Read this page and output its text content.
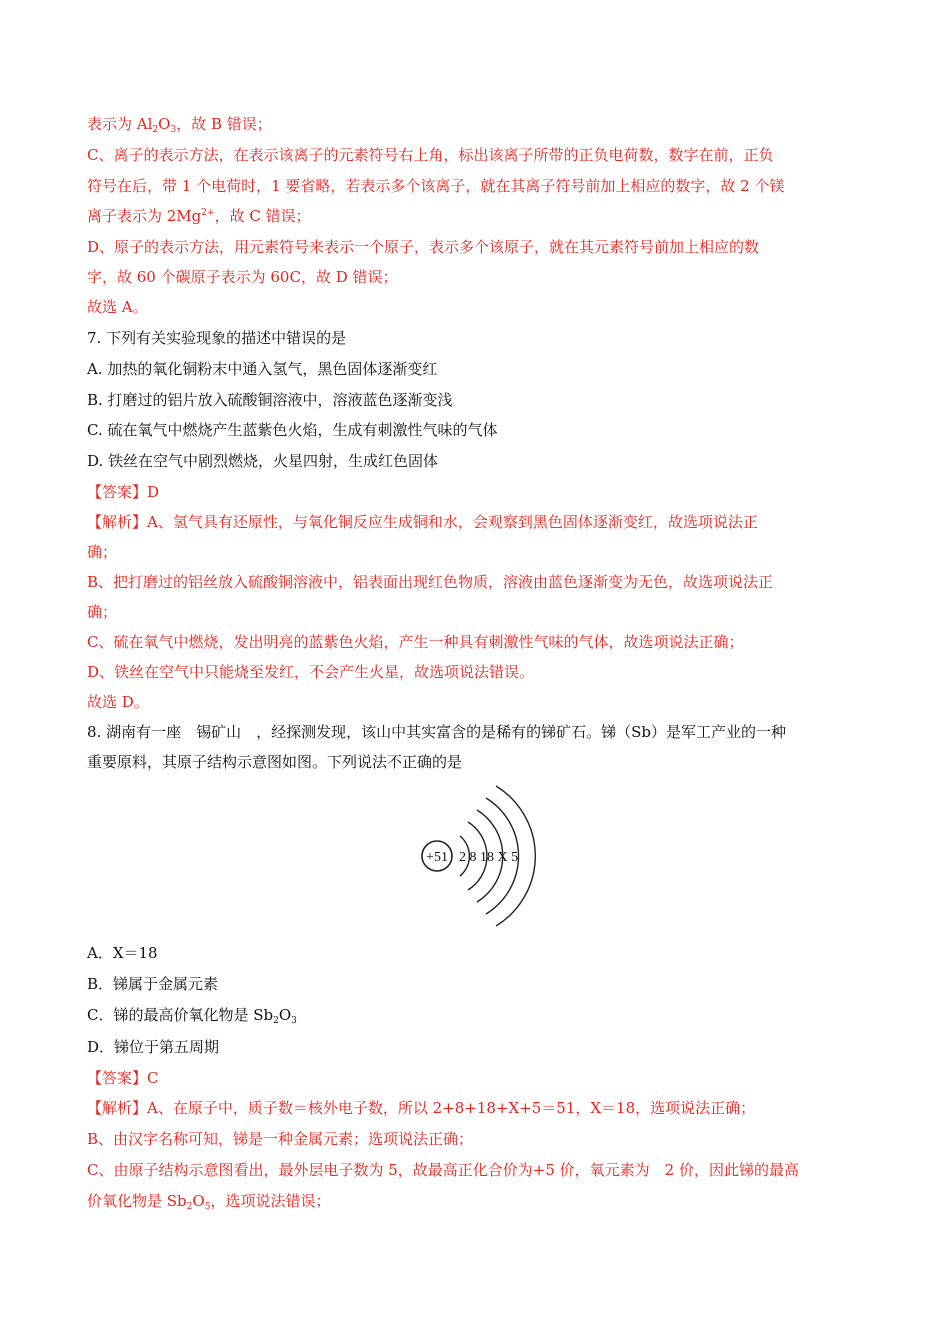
表示为 $Al_2O_3$，故 B 错误；
C、离子的表示方法，在表示该离子的元素符号右上角，标出该离子所带的正负电荷数，数字在前，正负
符号在后，带 1 个电荷时，1 要省略，若表示多个该离子，就在其离子符号前加上相应的数字，故 2 个镁
离子表示为 $2Mg^{2+}$，故 C 错误；
D、原子的表示方法，用元素符号来表示一个原子，表示多个该原子，就在其元素符号前加上相应的数
字，故 60 个碳原子表示为 60C，故 D 错误；
故选 A。
7. 下列有关实验现象的描述中错误的是
A. 加热的氧化铜粉末中通入氢气，黑色固体逐渐变红
B. 打磨过的铝片放入硫酸铜溶液中，溶液蓝色逐渐变浅
C. 硫在氧气中燃烧产生蓝紫色火焰，生成有刺激性气味的气体
D. 铁丝在空气中剧烈燃烧，火星四射，生成红色固体
【答案】D
【解析】A、氢气具有还原性，与氧化铜反应生成铜和水，会观察到黑色固体逐渐变红，故选项说法正
确；
B、把打磨过的铝丝放入硫酸铜溶液中，铝表面出现红色物质，溶液由蓝色逐渐变为无色，故选项说法正
确；
C、硫在氧气中燃烧，发出明亮的蓝紫色火焰，产生一种具有刺激性气味的气体，故选项说法正确；
D、铁丝在空气中只能烧至发红，不会产生火星，故选项说法错误。
故选 D。
8. 湖南有一座　锡矿山　，经探测发现，该山中其实富含的是稀有的锑矿石。锑（Sb）是军工产业的一种
重要原料，其原子结构示意图如图。下列说法不正确的是
+51 2 8 18 X 5
A．X＝18
B．锑属于金属元素
C．锑的最高价氧化物是 $Sb_2O_3$
D．锑位于第五周期
【答案】C
【解析】A、在原子中，质子数＝核外电子数，所以 2+8+18+X+5＝51，X＝18，选项说法正确；
B、由汉字名称可知，锑是一种金属元素；选项说法正确；
C、由原子结构示意图看出，最外层电子数为 5，故最高正化合价为+5 价，氧元素为　2 价，因此锑的最高
价氧化物是 $Sb_2O_5$，选项说法错误；
